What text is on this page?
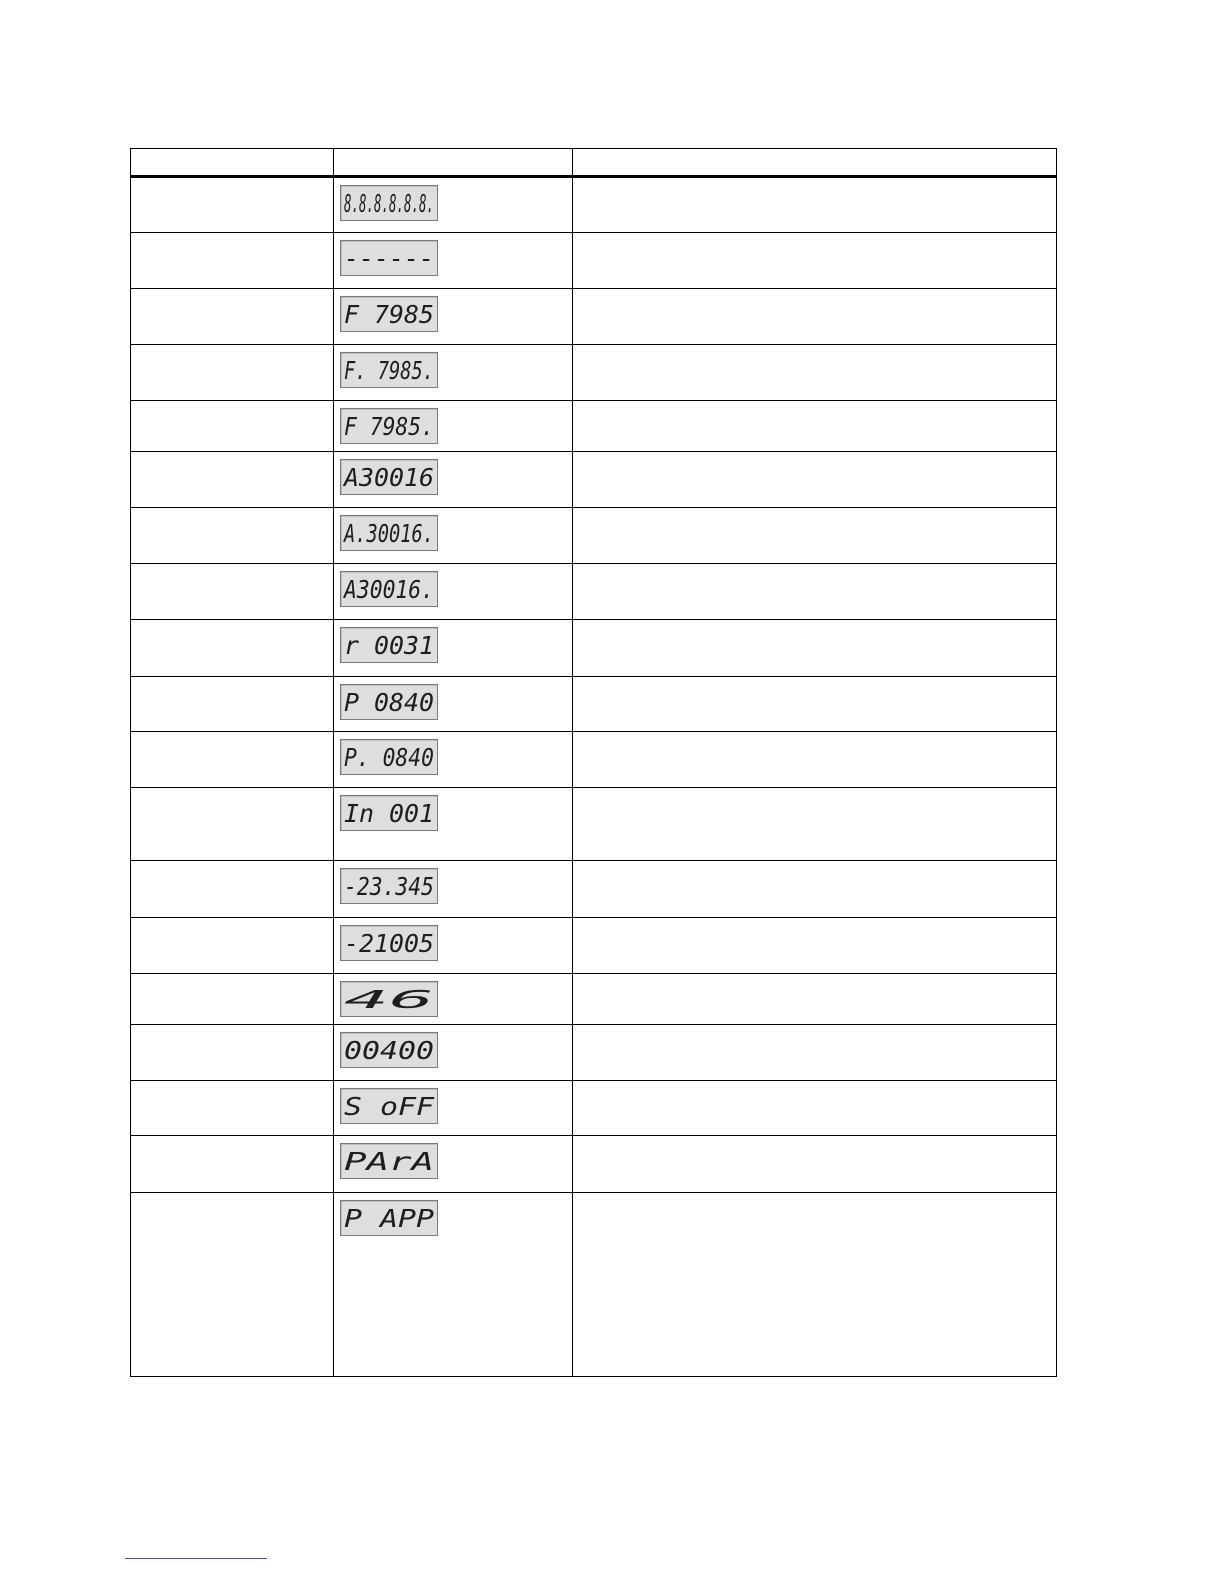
8.8.8.8.8.8.	

------	

F 7985	

F. 7985.	

F 7985.	

A30016	

A.30016.	

A30016.	

r 0031	

P 0840	

P. 0840	

In 001	

-23.345	

-21005	

46	

00400	

S oFF	

PArA	

P APP	
